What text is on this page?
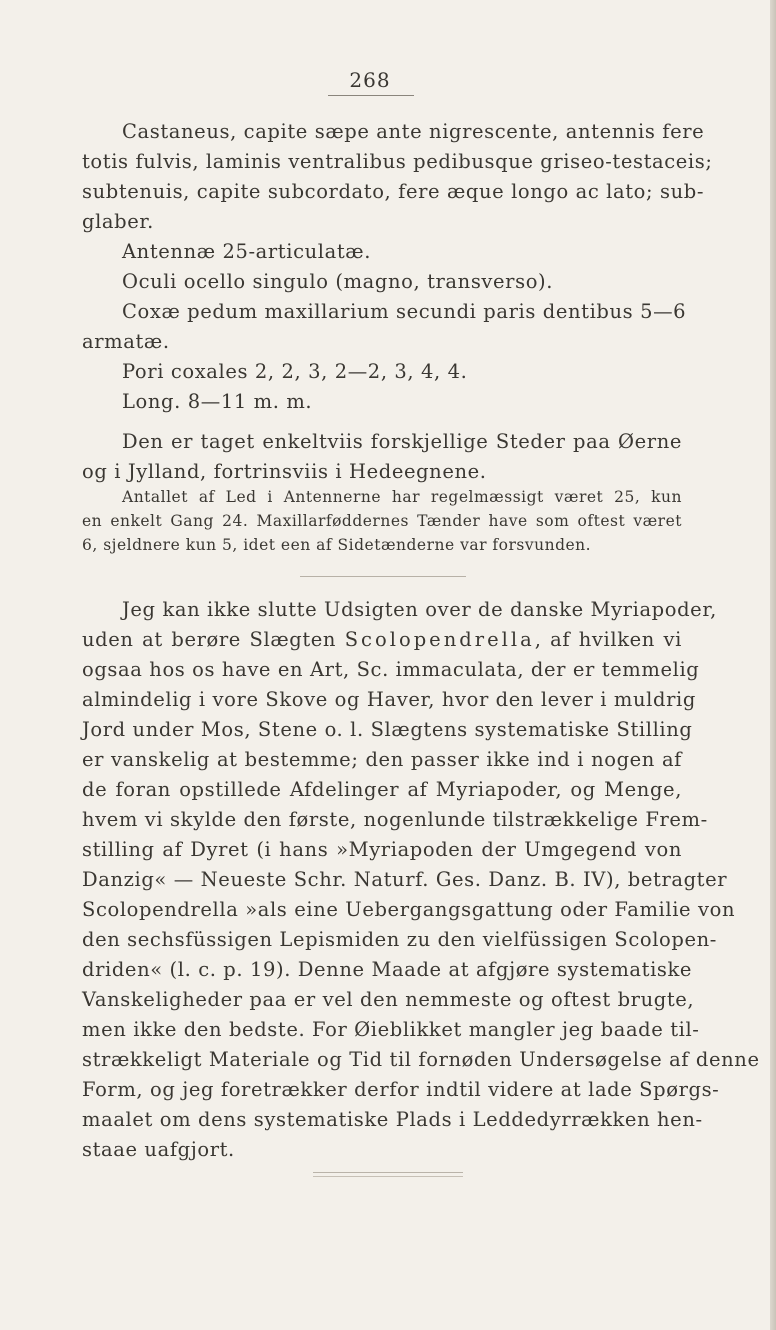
268
Castaneus, capite sæpe ante nigrescente, antennis fere
totis fulvis, laminis ventralibus pedibusque griseo-testaceis;
subtenuis, capite subcordato, fere æque longo ac lato; sub-
glaber.
Antennæ 25-articulatæ.
Oculi ocello singulo (magno, transverso).
Coxæ pedum maxillarium secundi paris dentibus 5—6
armatæ.
Pori coxales 2, 2, 3, 2—2, 3, 4, 4.
Long. 8—11 m. m.
Den er taget enkeltviis forskjellige Steder paa Øerne
og i Jylland, fortrinsviis i Hedeegnene.
Antallet af Led i Antennerne har regelmæssigt været 25, kun
en enkelt Gang 24. Maxillarføddernes Tænder have som oftest været
6, sjeldnere kun 5, idet een af Sidetænderne var forsvunden.
Jeg kan ikke slutte Udsigten over de danske Myriapoder,
uden at berøre Slægten Scolopendrella, af hvilken vi
ogsaa hos os have en Art, Sc. immaculata, der er temmelig
almindelig i vore Skove og Haver, hvor den lever i muldrig
Jord under Mos, Stene o. l. Slægtens systematiske Stilling
er vanskelig at bestemme; den passer ikke ind i nogen af
de foran opstillede Afdelinger af Myriapoder, og Menge,
hvem vi skylde den første, nogenlunde tilstrækkelige Frem-
stilling af Dyret (i hans »Myriapoden der Umgegend von
Danzig« — Neueste Schr. Naturf. Ges. Danz. B. IV), betragter
Scolopendrella »als eine Uebergangsgattung oder Familie von
den sechsfüssigen Lepismiden zu den vielfüssigen Scolopen-
driden« (l. c. p. 19). Denne Maade at afgjøre systematiske
Vanskeligheder paa er vel den nemmeste og oftest brugte,
men ikke den bedste. For Øieblikket mangler jeg baade til-
strækkeligt Materiale og Tid til fornøden Undersøgelse af denne
Form, og jeg foretrækker derfor indtil videre at lade Spørgs-
maalet om dens systematiske Plads i Leddedyrrækken hen-
staae uafgjort.
